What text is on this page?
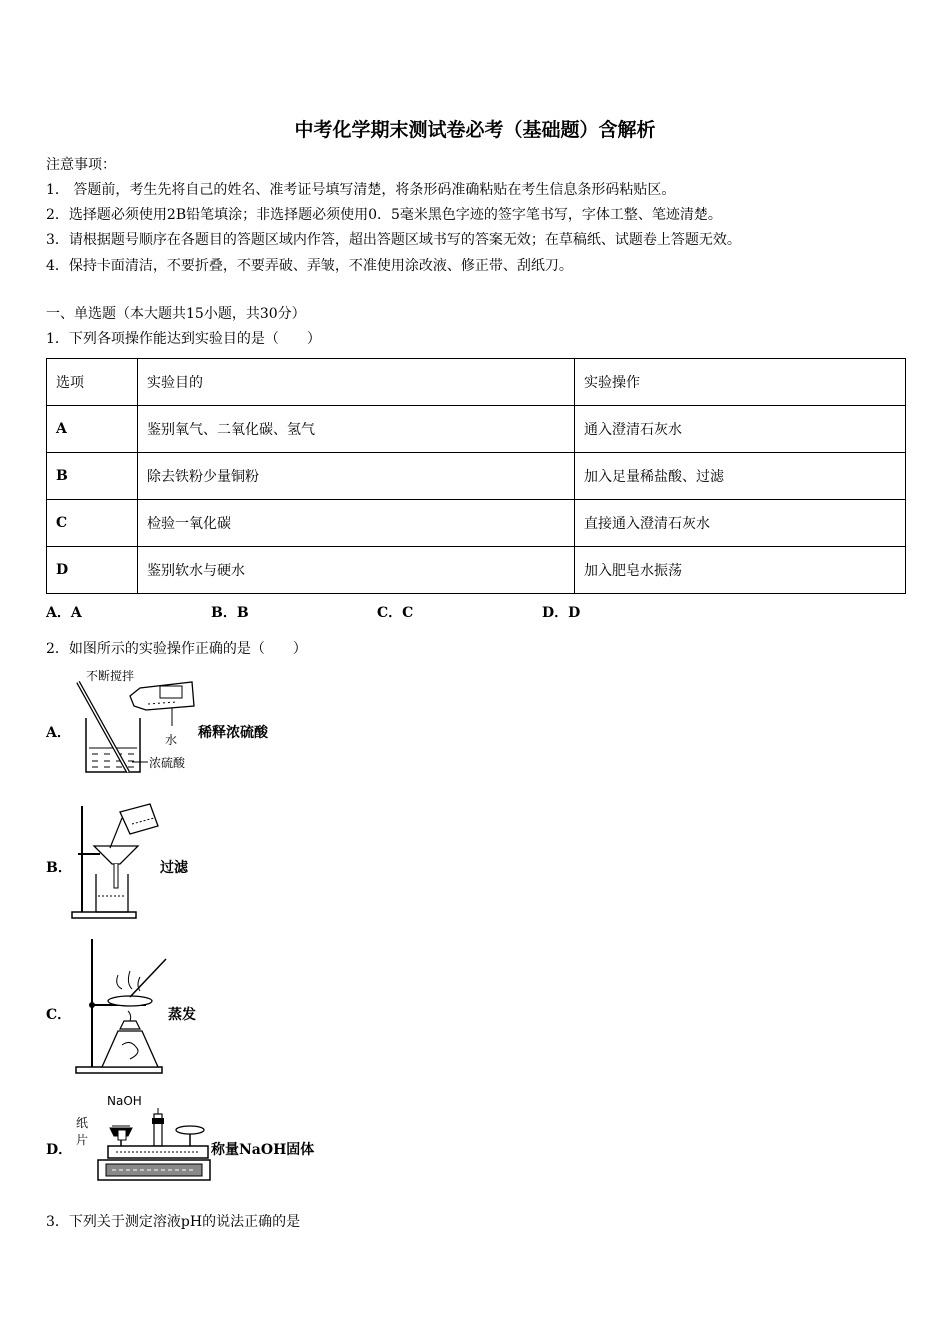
中考化学期末测试卷必考（基础题）含解析
注意事项：
1． 答题前，考生先将自己的姓名、准考证号填写清楚，将条形码准确粘贴在考生信息条形码粘贴区。
2．选择题必须使用2B铅笔填涂；非选择题必须使用0．5毫米黑色字迹的签字笔书写，字体工整、笔迹清楚。
3．请根据题号顺序在各题目的答题区域内作答，超出答题区域书写的答案无效；在草稿纸、试题卷上答题无效。
4．保持卡面清洁，不要折叠，不要弄破、弄皱，不准使用涂改液、修正带、刮纸刀。
一、单选题（本大题共15小题，共30分）
1．下列各项操作能达到实验目的是（　　）
选项	实验目的	实验操作
A	鉴别氧气、二氧化碳、氢气	通入澄清石灰水
B	除去铁粉少量铜粉	加入足量稀盐酸、过滤
C	检验一氧化碳	直接通入澄清石灰水
D	鉴别软水与硬水	加入肥皂水振荡
A．A	B．B	C．C	D．D
2．如图所示的实验操作正确的是（　　）
A．
不断搅拌
水
浓硫酸
稀释浓硫酸
B．	过滤
C．	蒸发
D．
NaOH
纸
片
称量NaOH固体
3．下列关于测定溶液pH的说法正确的是
